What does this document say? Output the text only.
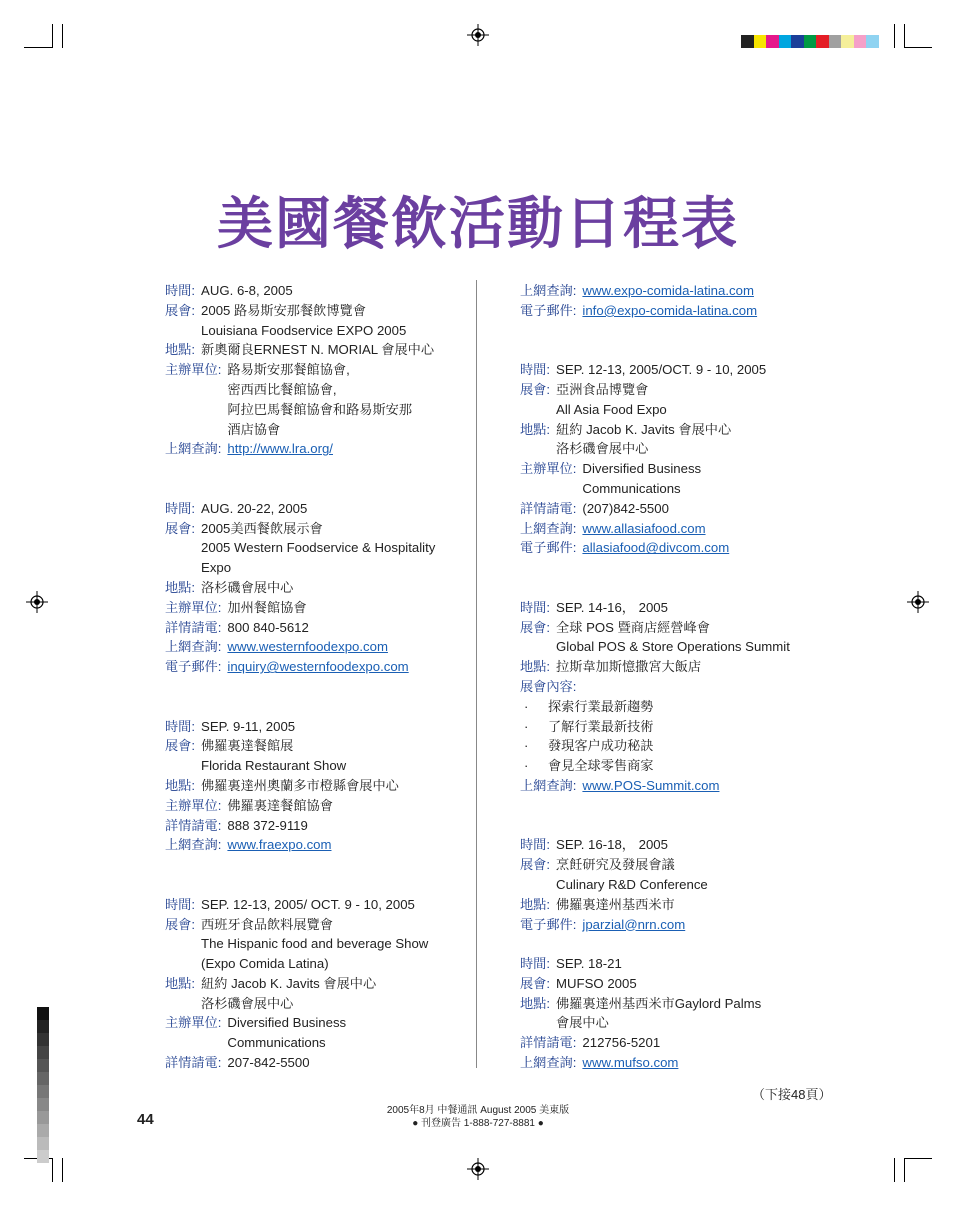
美國餐飲活動日程表
時間: AUG. 6-8, 2005
展會: 2005 路易斯安那餐飲博覽會
Louisiana Foodservice EXPO 2005
地點: 新奧爾良ERNEST N. MORIAL 會展中心
主辦單位: 路易斯安那餐館協會,
密西西比餐館協會,
阿拉巴馬餐館協會和路易斯安那
酒店協會
上網查詢: http://www.lra.org/
時間: AUG. 20-22, 2005
展會: 2005美西餐飲展示會
2005 Western Foodservice & Hospitality
Expo
地點: 洛杉磯會展中心
主辦單位: 加州餐館協會
詳情請電: 800 840-5612
上網查詢: www.westernfoodexpo.com
電子郵件: inquiry@westernfoodexpo.com
時間: SEP. 9-11, 2005
展會: 佛羅裏達餐館展
Florida Restaurant Show
地點: 佛羅裏達州奧蘭多市橙縣會展中心
主辦單位: 佛羅裏達餐館協會
詳情請電: 888 372-9119
上網查詢: www.fraexpo.com
時間: SEP. 12-13, 2005/ OCT. 9 - 10, 2005
展會: 西班牙食品飲料展覽會
The Hispanic food and beverage Show
(Expo Comida Latina)
地點: 紐約 Jacob K. Javits 會展中心
洛杉磯會展中心
主辦單位: Diversified Business
Communications
詳情請電: 207-842-5500
上網查詢: www.expo-comida-latina.com
電子郵件: info@expo-comida-latina.com
時間: SEP. 12-13, 2005/OCT. 9 - 10, 2005
展會: 亞洲食品博覽會
All Asia Food Expo
地點: 紐約 Jacob K. Javits 會展中心
洛杉磯會展中心
主辦單位: Diversified Business
Communications
詳情請電: (207)842-5500
上網查詢: www.allasiafood.com
電子郵件: allasiafood@divcom.com
時間: SEP. 14-16， 2005
展會: 全球 POS 暨商店經營峰會
Global POS & Store Operations Summit
地點: 拉斯韋加斯憶撒宮大飯店
展會內容:
·	探索行業最新趨勢
·	了解行業最新技術
·	發現客户成功秘訣
·	會見全球零售商家
上網查詢: www.POS-Summit.com
時間: SEP. 16-18， 2005
展會: 烹飪研究及發展會議
Culinary R&D Conference
地點: 佛羅裏達州基西米市
電子郵件: jparzial@nrn.com
時間: SEP. 18-21
展會: MUFSO 2005
地點: 佛羅裏達州基西米市Gaylord Palms
會展中心
詳情請電: 212756-5201
上網查詢: www.mufso.com
（下接48頁）
44
2005年8月 中餐通訊 August 2005 美東版
● 刊登廣告 1-888-727-8881 ●
